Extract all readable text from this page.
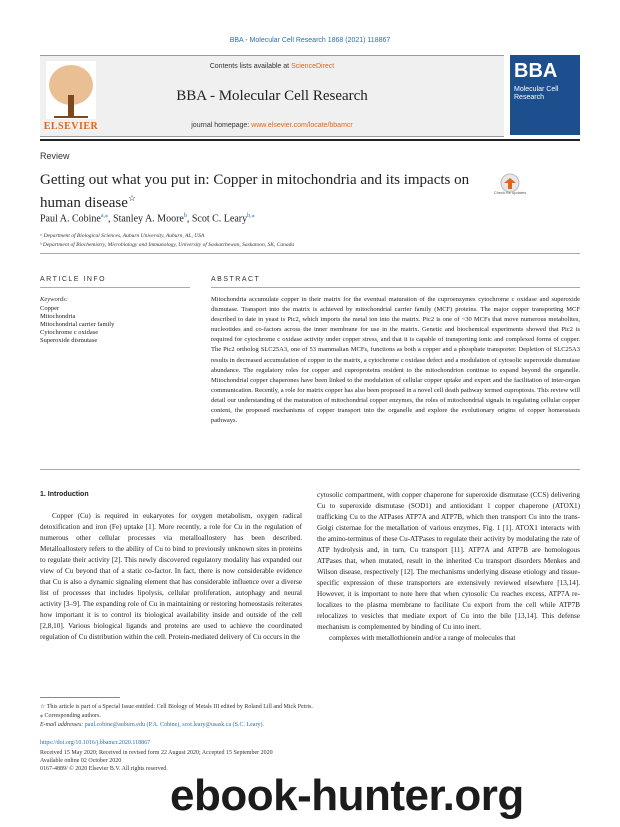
BBA - Molecular Cell Research 1868 (2021) 118867
ELSEVIER
Contents lists available at ScienceDirect
BBA - Molecular Cell Research
journal homepage: www.elsevier.com/locate/bbamcr
BBA
Molecular Cell Research
Review
Getting out what you put in: Copper in mitochondria and its impacts on human disease☆
Check for updates
Paul A. Cobine$^{a,⁎}$, Stanley A. Moore$^b$, Scot C. Leary$^{b,⁎}$
ᵃ Department of Biological Sciences, Auburn University, Auburn, AL, USA
ᵇ Department of Biochemistry, Microbiology and Immunology, University of Saskatchewan, Saskatoon, SK, Canada
ARTICLE INFO	ABSTRACT
Keywords:
Copper
Mitochondria
Mitochondrial carrier family
Cytochrome c oxidase
Superoxide dismutase
Mitochondria accumulate copper in their matrix for the eventual maturation of the cuproenzymes cytochrome c oxidase and superoxide dismutase. Transport into the matrix is achieved by mitochondrial carrier family (MCF) proteins. The major copper transporting MCF described to date in yeast is Pic2, which imports the metal ion into the matrix. Pic2 is one of ~30 MCFs that move numerous metabolites, nucleotides and co-factors across the inner membrane for use in the matrix. Genetic and biochemical experiments showed that Pic2 is required for cytochrome c oxidase activity under copper stress, and that it is capable of transporting ionic and complexed forms of copper. The Pic2 ortholog SLC25A3, one of 53 mammalian MCFs, functions as both a copper and a phosphate transporter. Depletion of SLC25A3 results in decreased accumulation of copper in the matrix, a cytochrome c oxidase defect and a modulation of cytosolic superoxide dismutase abundance. The regulatory roles for copper and cuproproteins resident to the mitochondrion continue to expand beyond the organelle. Mitochondrial copper chaperones have been linked to the modulation of cellular copper uptake and export and the facilitation of inter-organ communication. Recently, a role for matrix copper has also been proposed in a novel cell death pathway termed cuproptosis. This review will detail our understanding of the maturation of mitochondrial copper enzymes, the roles of mitochondrial signals in regulating cellular copper content, the proposed mechanisms of copper transport into the organelle and explore the evolutionary origins of copper homeostasis pathways.
1. Introduction
Copper (Cu) is required in eukaryotes for oxygen metabolism, oxygen radical detoxification and iron (Fe) uptake [1]. More recently, a role for Cu in the regulation of numerous other cellular processes via metalloallostery has been described. Metalloallostery refers to the ability of Cu to bind to previously unknown sites in proteins to regulate their activity [2]. This newly discovered regulatory modality has expanded our view of Cu beyond that of a static co-factor. In fact, there is now considerable evidence that Cu is also a dynamic signaling element that has considerable influence over a diverse list of processes that includes lipolysis, cellular proliferation, autophagy and neural activity [3–9]. The expanding role of Cu in maintaining or restoring homeostasis reiterates how important it is to control its biological availability inside and outside of the cell [2,8,10]. Various biological ligands and proteins are used to achieve the coordinated regulation of Cu distribution within the cell. Protein-mediated delivery of Cu occurs in the
cytosolic compartment, with copper chaperone for superoxide dismutase (CCS) delivering Cu to superoxide dismutase (SOD1) and antioxidant 1 copper chaperone (ATOX1) trafficking Cu to the ATPases ATP7A and ATP7B, which then transport Cu into the trans-Golgi cisternae for the metallation of various enzymes, Fig. 1 [1]. ATOX1 interacts with the amino-terminus of these Cu-ATPases to regulate their activity by modulating the rate of ATP hydrolysis and, in turn, Cu transport [11]. ATP7A and ATP7B are homologous ATPases that, when mutated, result in the inherited Cu transport disorders Menkes and Wilson disease, respectively [12]. The mechanisms underlying disease etiology and tissue-specific expression of these transporters are extensively reviewed elsewhere [13,14]. However, it is important to note here that when cytosolic Cu reaches excess, ATP7A re-localizes to the plasma membrane to facilitate Cu export from the cell while ATP7B relocalizes to vesicles that mediate export of Cu into the bile [13,14]. This defense mechanism is complemented by binding of Cu into inert.
complexes with metallothionein and/or a range of molecules that
☆ This article is part of a Special Issue entitled: Cell Biology of Metals III edited by Roland Lill and Mick Petris.
⁎ Corresponding authors.
E-mail addresses: paul.cobine@auburn.edu (P.A. Cobine), scot.leary@usask.ca (S.C. Leary).
https://doi.org/10.1016/j.bbamcr.2020.118867
Received 15 May 2020; Received in revised form 22 August 2020; Accepted 15 September 2020
Available online 02 October 2020
0167-4889/ © 2020 Elsevier B.V. All rights reserved.
ebook-hunter.org
